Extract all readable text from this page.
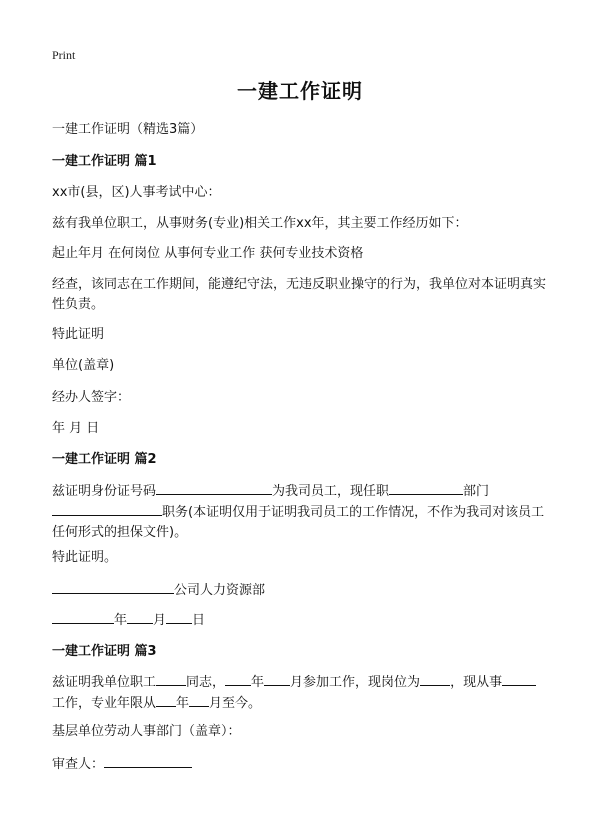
Print
一建工作证明

一建工作证明（精选3篇）

一建工作证明 篇1

xx市(县，区)人事考试中心：

兹有我单位职工，从事财务(专业)相关工作xx年，其主要工作经历如下：

起止年月 在何岗位 从事何专业工作 获何专业技术资格

经查，该同志在工作期间，能遵纪守法，无违反职业操守的行为，我单位对本证明真实性负责。

特此证明

单位(盖章)

经办人签字：

年 月 日

一建工作证明 篇2

兹证明身份证号码	为我司员工，现任职	部门
职务(本证明仅用于证明我司员工的工作情况，不作为我司对该员工任何形式的担保文件)。

特此证明。

公司人力资源部

年 月 日

一建工作证明 篇3

兹证明我单位职工 同志， 年 月参加工作，现岗位为 ，现从事工作，专业年限从 年 月至今。

基层单位劳动人事部门（盖章）：

审查人：
